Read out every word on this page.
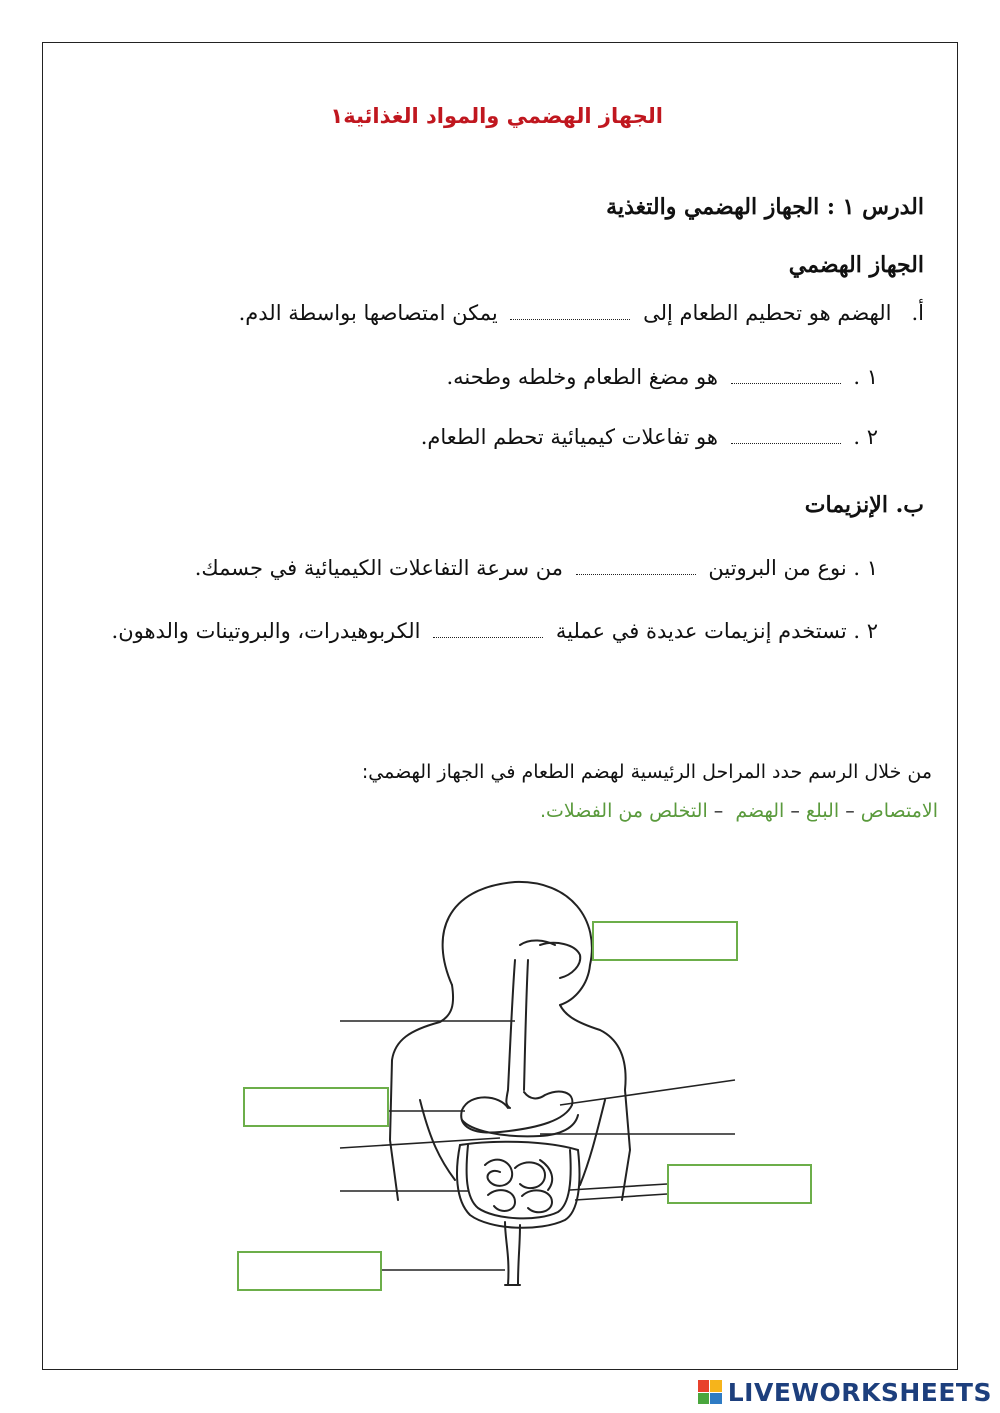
الجهاز الهضمي والمواد الغذائية١
الدرس ١ : الجهاز الهضمي والتغذية
الجهاز الهضمي
أ.   الهضم هو تحطيم الطعام إلى  يمكن امتصاصها بواسطة الدم.
١ .  هو مضغ الطعام وخلطه وطحنه.
٢ .  هو تفاعلات كيميائية تحطم الطعام.
ب. الإنزيمات
١ . نوع من البروتين  من سرعة التفاعلات الكيميائية في جسمك.
٢ . تستخدم إنزيمات عديدة في عملية  الكربوهيدرات، والبروتينات والدهون.
من خلال الرسم حدد المراحل الرئيسية لهضم الطعام في الجهاز الهضمي:
الامتصاص – البلع – الهضم  – التخلص من الفضلات.
LIVEWORKSHEETS
